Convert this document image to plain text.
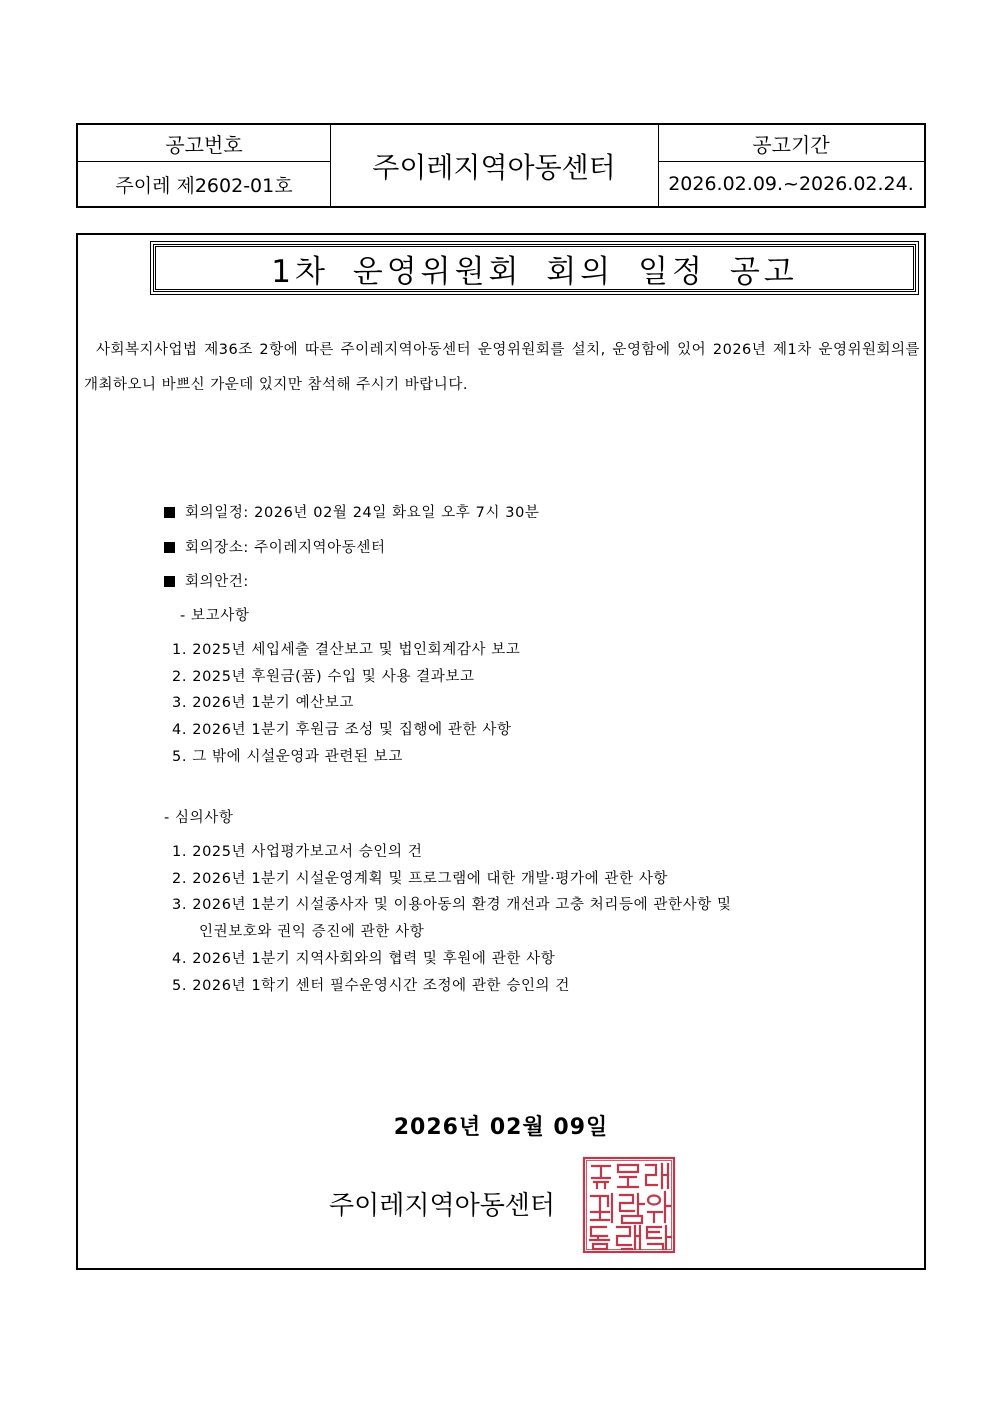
공고번호
주이레 제2602-01호
주이레지역아동센터
공고기간
2026.02.09.~2026.02.24.
1차 운영위원회 회의 일정 공고
사회복지사업법 제36조 2항에 따른 주이레지역아동센터 운영위원회를 설치, 운영함에 있어 2026년 제1차 운영위원회의를 개최하오니 바쁘신 가운데 있지만 참석해 주시기 바랍니다.
회의일정: 2026년 02월 24일 화요일 오후 7시 30분
회의장소: 주이레지역아동센터
회의안건:
- 보고사항
1. 2025년 세입세출 결산보고 및 법인회계감사 보고
2. 2025년 후원금(품) 수입 및 사용 결과보고
3. 2026년 1분기 예산보고
4. 2026년 1분기 후원금 조성 및 집행에 관한 사항
5. 그 밖에 시설운영과 관련된 보고
- 심의사항
1. 2025년 사업평가보고서 승인의 건
2. 2026년 1분기 시설운영계획 및 프로그램에 대한 개발·평가에 관한 사항
3. 2026년 1분기 시설종사자 및 이용아동의 환경 개선과 고충 처리등에 관한사항 및
인권보호와 권익 증진에 관한 사항
4. 2026년 1분기 지역사회와의 협력 및 후원에 관한 사항
5. 2026년 1학기 센터 필수운영시간 조정에 관한 승인의 건
2026년 02월 09일
주이레지역아동센터
